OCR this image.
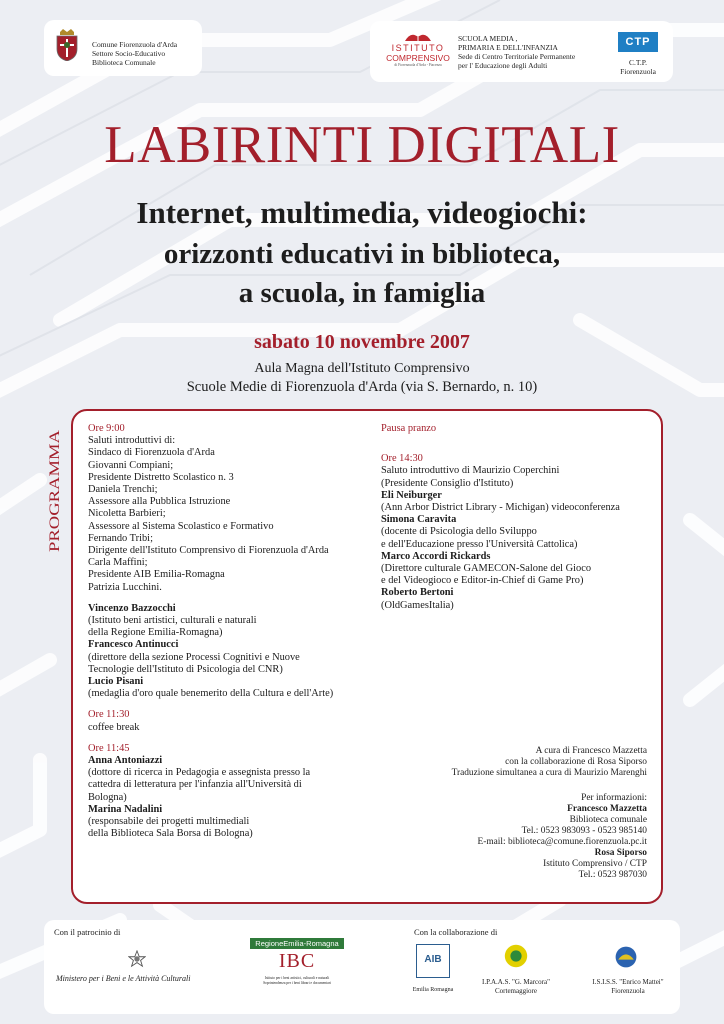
Comune Fiorenzuola d'Arda
Settore Socio-Educativo
Biblioteca Comunale
ISTITUTO
COMPRENSIVO
di Fiorenzuola d'Arda - Piacenza
SCUOLA MEDIA ,
PRIMARIA E DELL'INFANZIA
Sede di Centro Territoriale Permanente
per l' Educazione degli Adulti
CTP
C.T.P.
Fiorenzuola
LABIRINTI DIGITALI
Internet, multimedia, videogiochi:
orizzonti educativi in biblioteca,
a scuola, in famiglia
sabato 10 novembre 2007
Aula Magna dell'Istituto Comprensivo
Scuole Medie di Fiorenzuola d'Arda (via S. Bernardo, n. 10)
PROGRAMMA
Ore 9:00
Saluti introduttivi di:
Sindaco di Fiorenzuola d'Arda
Giovanni Compiani;
Presidente Distretto Scolastico n. 3
Daniela Trenchi;
Assessore alla Pubblica Istruzione
Nicoletta Barbieri;
Assessore al Sistema Scolastico e Formativo
Fernando Tribi;
Dirigente dell'Istituto Comprensivo di Fiorenzuola d'Arda
Carla Maffini;
Presidente AIB Emilia-Romagna
Patrizia Lucchini.
Vincenzo Bazzocchi
(Istituto beni artistici, culturali e naturali
della Regione Emilia-Romagna)
Francesco Antinucci
(direttore della sezione Processi Cognitivi e Nuove
Tecnologie dell'Istituto di Psicologia del CNR)
Lucio Pisani
(medaglia d'oro quale benemerito della Cultura e dell'Arte)
Ore 11:30
coffee break
Ore 11:45
Anna Antoniazzi
(dottore di ricerca in Pedagogia e assegnista presso la
cattedra di letteratura per l'infanzia all'Università di
Bologna)
Marina Nadalini
(responsabile dei progetti multimediali
della Biblioteca Sala Borsa di Bologna)
Pausa pranzo
Ore 14:30
Saluto introduttivo di Maurizio Coperchini
(Presidente Consiglio d'Istituto)
Eli Neiburger
(Ann Arbor District Library - Michigan) videoconferenza
Simona Caravita
(docente di Psicologia dello Sviluppo
e dell'Educazione presso l'Università Cattolica)
Marco Accordi Rickards
(Direttore culturale GAMECON-Salone del Gioco
e del Videogioco e Editor-in-Chief di Game Pro)
Roberto Bertoni
(OldGamesItalia)
A cura di Francesco Mazzetta
con la collaborazione di Rosa Siporso
Traduzione simultanea a cura di Maurizio Marenghi
Per informazioni:
Francesco Mazzetta
Biblioteca comunale
Tel.: 0523 983093 - 0523 985140
E-mail: biblioteca@comune.fiorenzuola.pc.it
Rosa Siporso
Istituto Comprensivo / CTP
Tel.: 0523 987030
Con il patrocinio di
Ministero per i Beni e le Attività Culturali
RegioneEmilia-Romagna
IBC
Istituto per i beni artistici, culturali e naturali
Soprintendenza per i beni librari e documentari
Con la collaborazione di
AIB
Emilia Romagna
I.P.A.A.S. "G. Marcora"
Cortemaggiore
I.S.I.S.S. "Enrico Mattei"
Fiorenzuola
